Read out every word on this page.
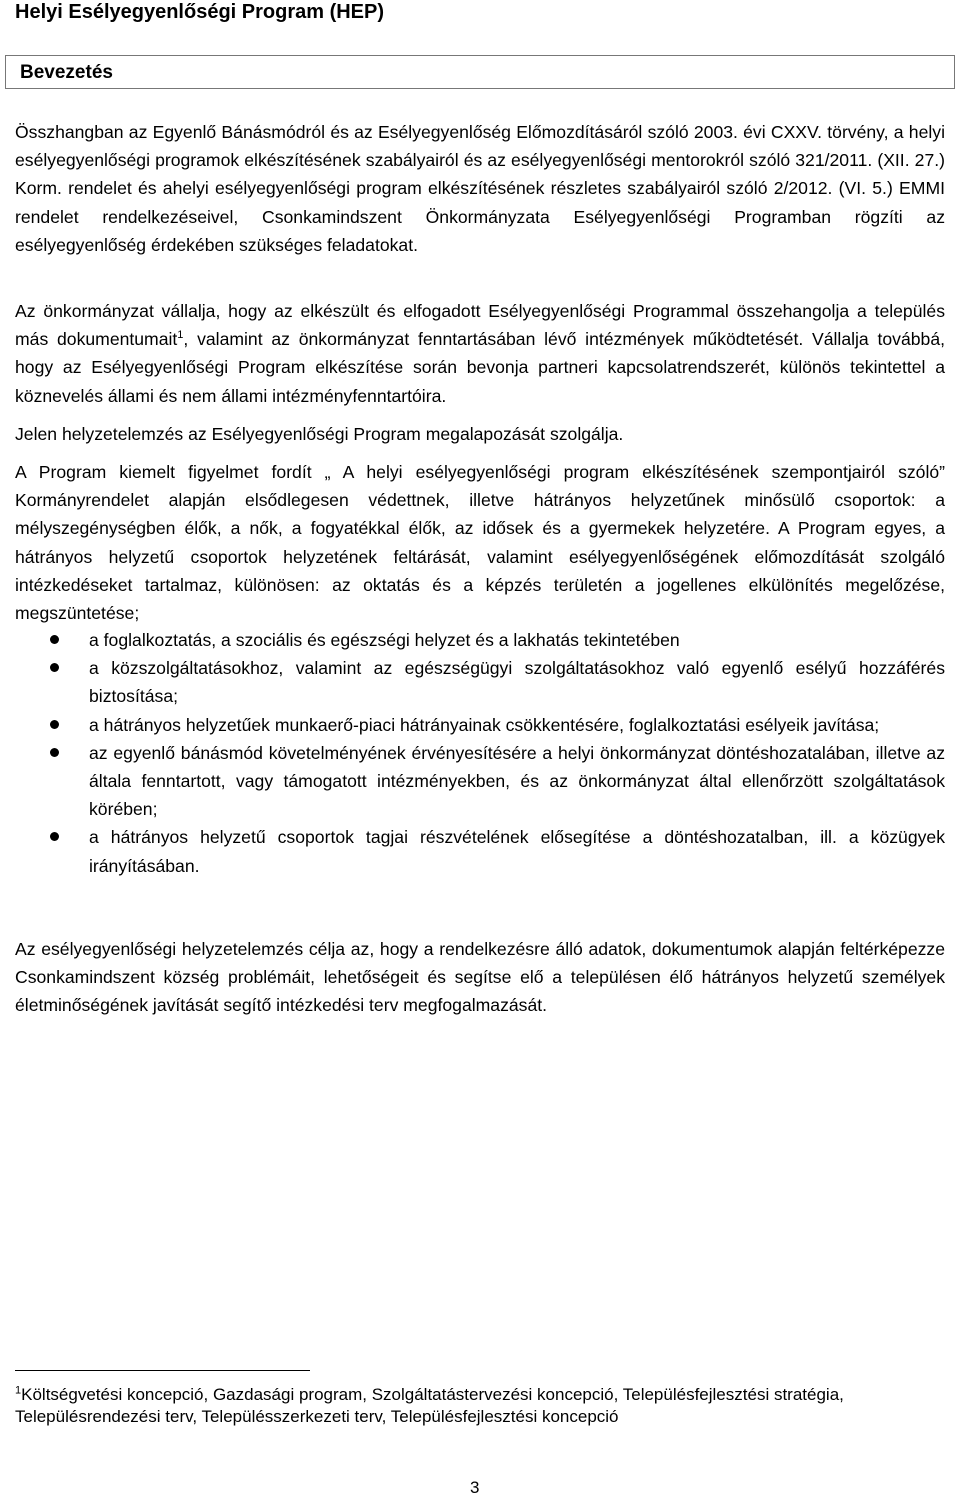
Helyi Esélyegyenlőségi Program (HEP)
Bevezetés

Összhangban az Egyenlő Bánásmódról és az Esélyegyenlőség Előmozdításáról szóló 2003. évi CXXV. törvény, a helyi esélyegyenlőségi programok elkészítésének szabályairól és az esélyegyenlőségi mentorokról szóló 321/2011. (XII. 27.) Korm. rendelet és ahelyi esélyegyenlőségi program elkészítésének részletes szabályairól szóló 2/2012. (VI. 5.) EMMI rendelet rendelkezéseivel, Csonkamindszent Önkormányzata Esélyegyenlőségi Programban rögzíti az esélyegyenlőség érdekében szükséges feladatokat.

Az önkormányzat vállalja, hogy az elkészült és elfogadott Esélyegyenlőségi Programmal összehangolja a település más dokumentumait$^1$, valamint az önkormányzat fenntartásában lévő intézmények működtetését. Vállalja továbbá, hogy az Esélyegyenlőségi Program elkészítése során bevonja partneri kapcsolatrendszerét, különös tekintettel a köznevelés állami és nem állami intézményfenntartóira.

Jelen helyzetelemzés az Esélyegyenlőségi Program megalapozását szolgálja.

A Program kiemelt figyelmet fordít „ A helyi esélyegyenlőségi program elkészítésének szempontjairól szóló” Kormányrendelet alapján elsődlegesen védettnek, illetve hátrányos helyzetűnek minősülő csoportok: a mélyszegénységben élők, a nők, a fogyatékkal élők, az idősek és a gyermekek helyzetére. A Program egyes, a hátrányos helyzetű csoportok helyzetének feltárását, valamint esélyegyenlőségének előmozdítását szolgáló intézkedéseket tartalmaz, különösen: az oktatás és a képzés területén a jogellenes elkülönítés megelőzése, megszüntetése;

a foglalkoztatás, a szociális és egészségi helyzet és a lakhatás tekintetében
a közszolgáltatásokhoz, valamint az egészségügyi szolgáltatásokhoz való egyenlő esélyű hozzáférés biztosítása;
a hátrányos helyzetűek munkaerő-piaci hátrányainak csökkentésére, foglalkoztatási esélyeik javítása;
az egyenlő bánásmód követelményének érvényesítésére a helyi önkormányzat döntéshozatalában, illetve az általa fenntartott, vagy támogatott intézményekben, és az önkormányzat által ellenőrzött szolgáltatások körében;
a hátrányos helyzetű csoportok tagjai részvételének elősegítése a döntéshozatalban, ill. a közügyek irányításában.

Az esélyegyenlőségi helyzetelemzés célja az, hogy a rendelkezésre álló adatok, dokumentumok alapján feltérképezze Csonkamindszent község problémáit, lehetőségeit és segítse elő a településen élő hátrányos helyzetű személyek életminőségének javítását segítő intézkedési terv megfogalmazását.

$^1$Költségvetési koncepció, Gazdasági program, Szolgáltatástervezési koncepció, Településfejlesztési stratégia, Településrendezési terv, Településszerkezeti terv, Településfejlesztési koncepció

3
